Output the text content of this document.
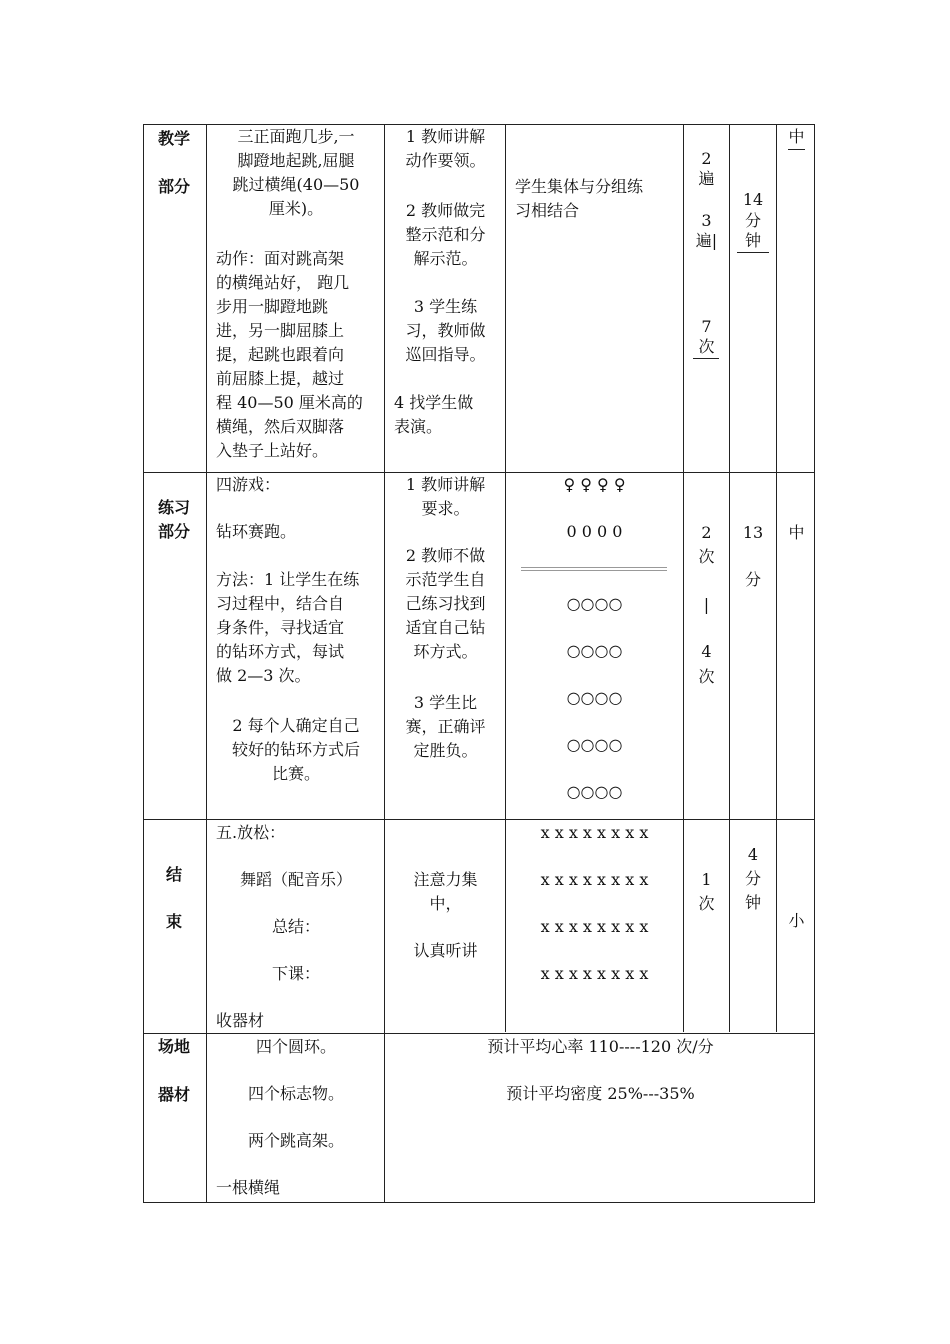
教学
部分
三正面跑几步,一
脚蹬地起跳,屈腿
跳过横绳(40—50
厘米)。
动作：面对跳高架
的横绳站好， 跑几
步用一脚蹬地跳
进，另一脚屈膝上
提，起跳也跟着向
前屈膝上提，越过
程 40—50 厘米高的
横绳，然后双脚落
入垫子上站好。
1 教师讲解
动作要领。
2 教师做完
整示范和分
解示范。
3 学生练
习，教师做
巡回指导。
4 找学生做
表演。
学生集体与分组练
习相结合
2
遍
3
遍|
7
次
14
分
钟
中
练习
部分
四游戏：
钻环赛跑。
方法：1 让学生在练
习过程中，结合自
身条件，寻找适宜
的钻环方式，每试
做 2—3 次。
2 每个人确定自己
较好的钻环方式后
比赛。
1 教师讲解
要求。
2 教师不做
示范学生自
己练习找到
适宜自己钻
环方式。
3 学生比
赛，正确评
定胜负。
♀ ♀ ♀ ♀
0 0 0 0
○○○○
○○○○
○○○○
○○○○
○○○○
2
次
|
4
次
13
分
中
结
束
五.放松：
舞蹈（配音乐）
总结：
下课：
收器材
注意力集
中，
认真听讲
x x x x x x x x
x x x x x x x x
x x x x x x x x
x x x x x x x x
1
次
4
分
钟
小
场地
器材
四个圆环。
四个标志物。
两个跳高架。
一根横绳
预计平均心率 110----120 次/分
预计平均密度 25%---35%
